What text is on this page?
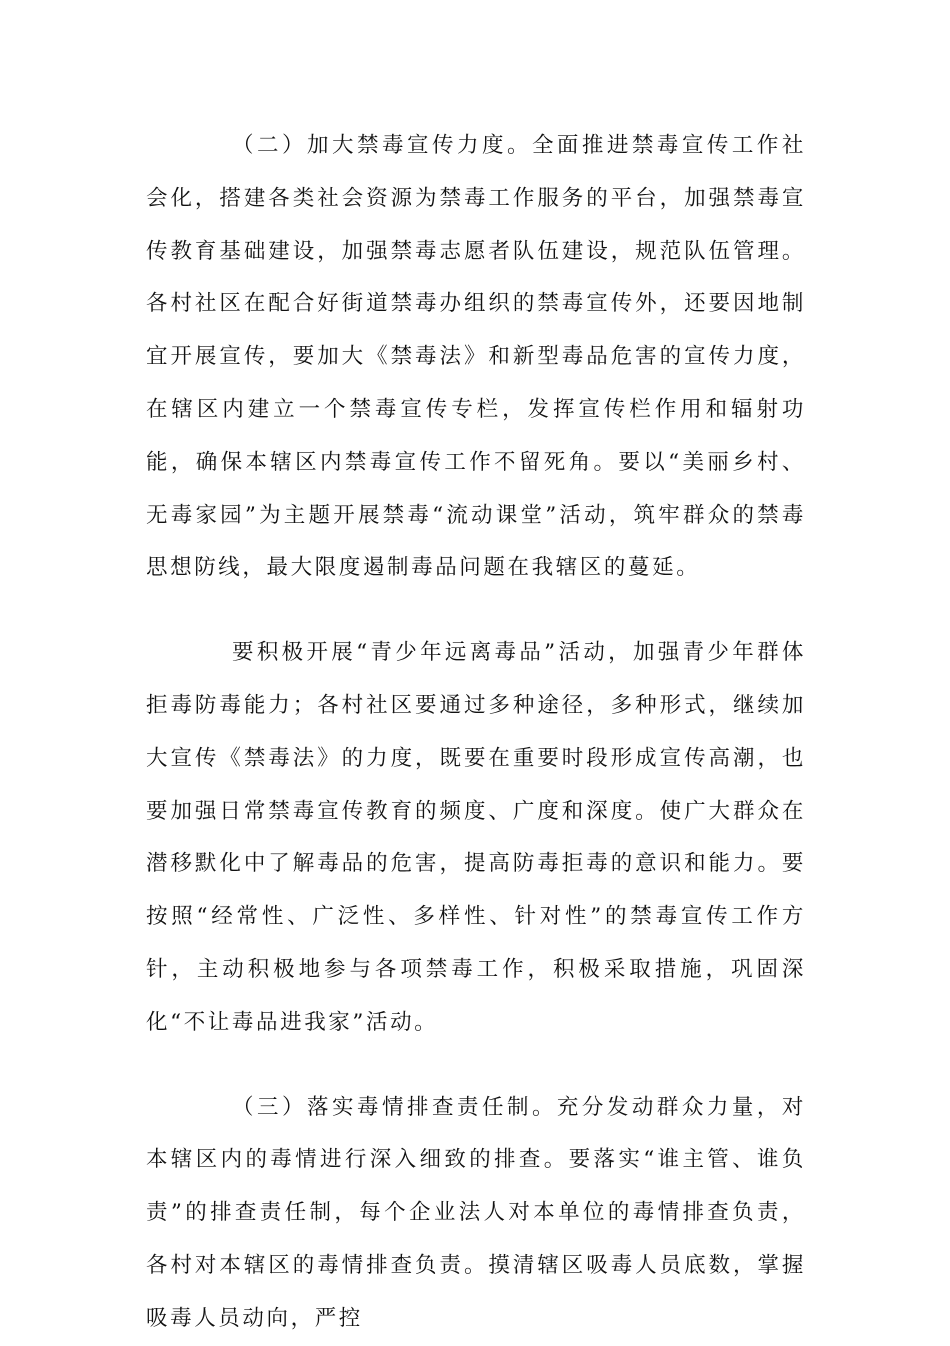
（二）加大禁毒宣传力度。全面推进禁毒宣传工作社会化，搭建各类社会资源为禁毒工作服务的平台，加强禁毒宣传教育基础建设，加强禁毒志愿者队伍建设，规范队伍管理。各村社区在配合好街道禁毒办组织的禁毒宣传外，还要因地制宜开展宣传，要加大《禁毒法》和新型毒品危害的宣传力度，在辖区内建立一个禁毒宣传专栏，发挥宣传栏作用和辐射功能，确保本辖区内禁毒宣传工作不留死角。要以“美丽乡村、无毒家园”为主题开展禁毒“流动课堂”活动，筑牢群众的禁毒思想防线，最大限度遏制毒品问题在我辖区的蔓延。

要积极开展“青少年远离毒品”活动，加强青少年群体拒毒防毒能力；各村社区要通过多种途径，多种形式，继续加大宣传《禁毒法》的力度，既要在重要时段形成宣传高潮，也要加强日常禁毒宣传教育的频度、广度和深度。使广大群众在潜移默化中了解毒品的危害，提高防毒拒毒的意识和能力。要按照“经常性、广泛性、多样性、针对性”的禁毒宣传工作方针，主动积极地参与各项禁毒工作，积极采取措施，巩固深化“不让毒品进我家”活动。

（三）落实毒情排查责任制。充分发动群众力量，对本辖区内的毒情进行深入细致的排查。要落实“谁主管、谁负责”的排查责任制，每个企业法人对本单位的毒情排查负责，各村对本辖区的毒情排查负责。摸清辖区吸毒人员底数，掌握吸毒人员动向，严控
